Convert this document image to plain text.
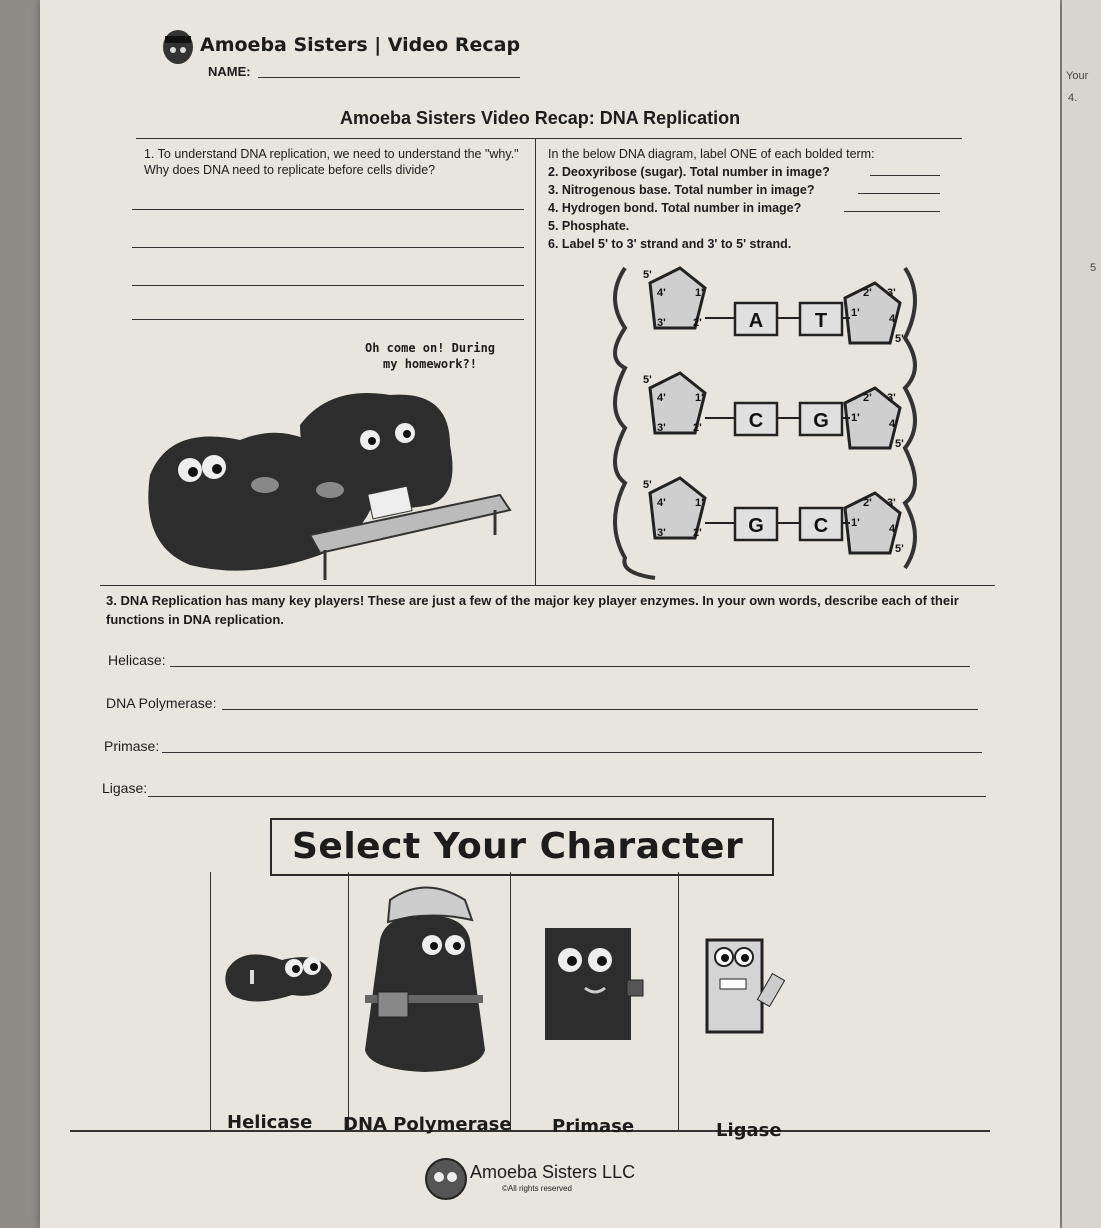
Amoeba Sisters | Video Recap
NAME:
Amoeba Sisters Video Recap: DNA Replication
1. To understand DNA replication, we need to understand the "why." Why does DNA need to replicate before cells divide?
In the below DNA diagram, label ONE of each bolded term:
2. Deoxyribose (sugar). Total number in image?
3. Nitrogenous base. Total number in image?
4. Hydrogen bond. Total number in image?
5. Phosphate.
6. Label 5' to 3' strand and 3' to 5' strand.
Oh come on! During my homework?!
A	T
C G
G C
5'
4'	1'
3' 2'
5'
4'	1'
3' 2'
5'
4'	1'
3' 2'
2' 3'
1'	4'
5'
2' 3'
1'	4'
5'
2' 3'
1'	4'
5'
3. DNA Replication has many key players! These are just a few of the major key player enzymes. In your own words, describe each of their functions in DNA replication.
Helicase:
DNA Polymerase:
Primase:
Ligase:
Select Your Character
Helicase DNA Polymerase Primase	Ligase
Amoeba Sisters LLC
©All rights reserved
Your
4.
5
